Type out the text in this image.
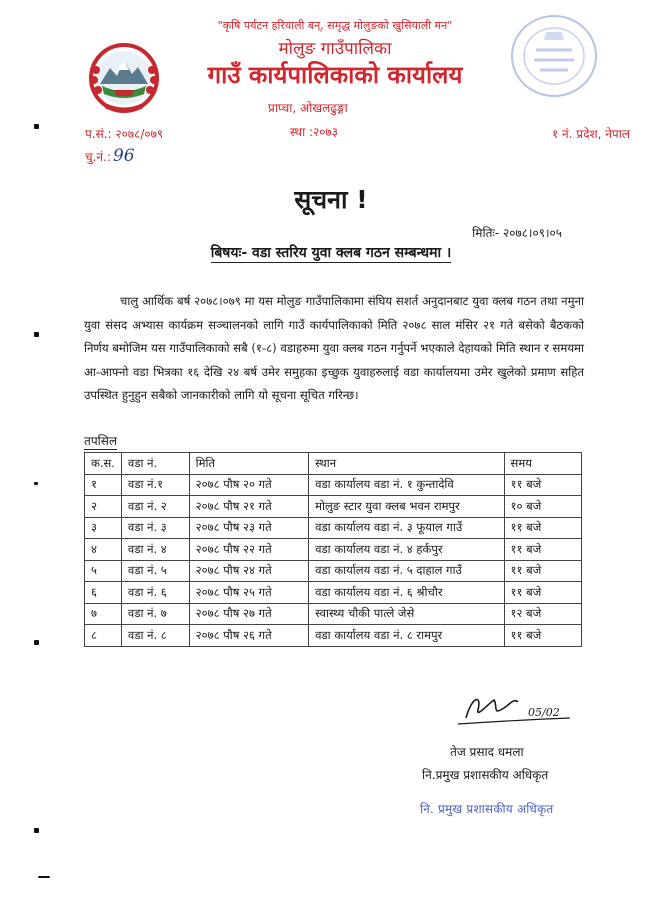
"कृषि पर्यटन हरियाली बन्, समृद्ध मोलुङको खुसियाली मन"
मोलुङ गाउँपालिका
गाउँ कार्यपालिकाको कार्यालय
प्राप्चा, ओखलढुङ्गा
स्था :२०७३
प.सं.: २०७८/०७९
चु.नं.: 96
१ नं. प्रदेश, नेपाल
सूचना !
मितिः- २०७८।०९।०५
बिषयः- वडा स्तरिय युवा क्लब गठन सम्बन्धमा ।

चालु आर्थिक बर्ष २०७८।०७९ मा यस मोलुङ गाउँपालिकामा संघिय सशर्त अनुदानबाट युवा क्लब गठन तथा नमुना युवा संसद अभ्यास कार्यक्रम सञ्चालनको लागि गाउँ कार्यपालिकाको मिति २०७८ साल मंसिर २१ गते बसेको बैठकको निर्णय बमोजिम यस गाउँपालिकाको सबै (१-८) वडाहरुमा युवा क्लब गठन गर्नुपर्ने भएकाले देहायको मिति स्थान र समयमा आ-आफ्नो वडा भित्रका १६ देखि २४ बर्ष उमेर समुहका इच्छुक युवाहरुलाई वडा कार्यालयमा उमेर खुलेको प्रमाण सहित उपस्थित हुनुहुन सबैको जानकारीको लागि यो सूचना सूचित गरिन्छ।

तपसिल
क.स.	वडा नं.	मिति	स्थान	समय
१	वडा नं.१	२०७८ पौष २० गते	वडा कार्यालय वडा नं. १ कुन्तादेवि	११ बजे
२	वडा नं. २	२०७८ पौष २१ गते	मोलुङ स्टार युवा क्लब भवन रामपुर	१० बजे
३	वडा नं. ३	२०७८ पौष २३ गते	वडा कार्यालय वडा नं. ३ फूयाल गाउँ	११ बजे
४	वडा नं. ४	२०७८ पौष २२ गते	वडा कार्यालय वडा नं. ४ हर्कपुर	११ बजे
५	वडा नं. ५	२०७८ पौष २४ गते	वडा कार्यालय वडा नं. ५ दाहाल गाउँ	११ बजे
६	वडा नं. ६	२०७८ पौष २५ गते	वडा कार्यालय वडा नं. ६ श्रीचौर	११ बजे
७	वडा नं. ७	२०७८ पौष २७ गते	स्वास्थ्य चौकी पात्ले जेसे	१२ बजे
८	वडा नं. ८	२०७८ पौष २६ गते	वडा कार्यालय वडा नं. ८ रामपुर	११ बजे
05/02
तेज प्रसाद धमला
नि.प्रमुख प्रशासकीय अधिकृत
नि. प्रमुख प्रशासकीय अधिकृत
